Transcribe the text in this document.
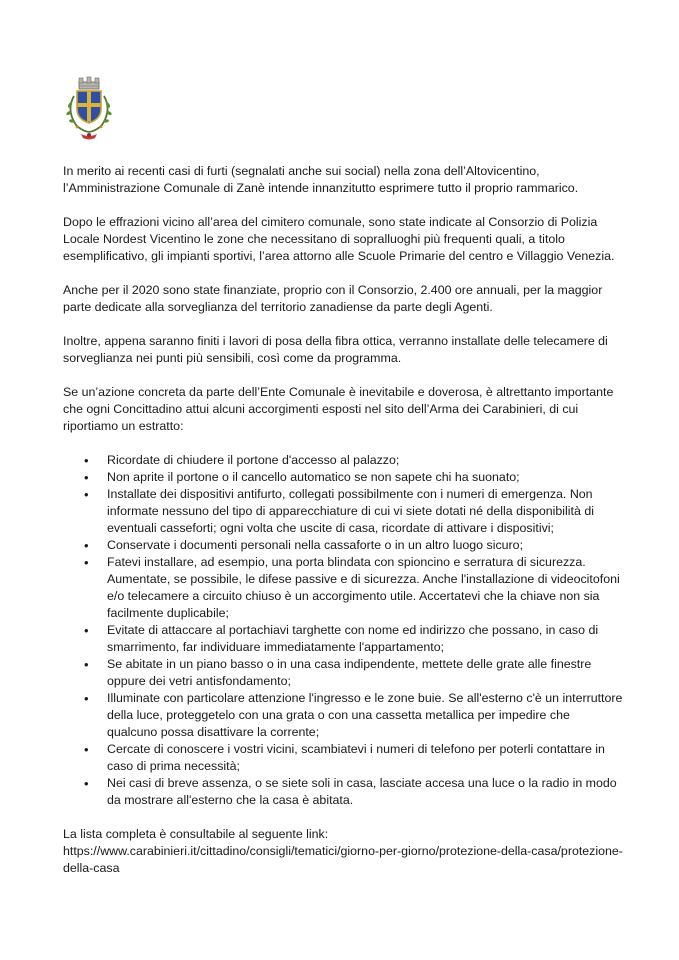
In merito ai recenti casi di furti (segnalati anche sui social) nella zona dell’Altovicentino, l’Amministrazione Comunale di Zanè intende innanzitutto esprimere tutto il proprio rammarico.

Dopo le effrazioni vicino all’area del cimitero comunale, sono state indicate al Consorzio di Polizia Locale Nordest Vicentino le zone che necessitano di sopralluoghi più frequenti quali, a titolo esemplificativo, gli impianti sportivi, l’area attorno alle Scuole Primarie del centro e Villaggio Venezia.

Anche per il 2020 sono state finanziate, proprio con il Consorzio, 2.400 ore annuali, per la maggior parte dedicate alla sorveglianza del territorio zanadiense da parte degli Agenti.

Inoltre, appena saranno finiti i lavori di posa della fibra ottica, verranno installate delle telecamere di sorveglianza nei punti più sensibili, così come da programma.

Se un’azione concreta da parte dell’Ente Comunale è inevitabile e doverosa, è altrettanto importante che ogni Concittadino attui alcuni accorgimenti esposti nel sito dell’Arma dei Carabinieri, di cui riportiamo un estratto:

• Ricordate di chiudere il portone d'accesso al palazzo;
• Non aprite il portone o il cancello automatico se non sapete chi ha suonato;
• Installate dei dispositivi antifurto, collegati possibilmente con i numeri di emergenza. Non informate nessuno del tipo di apparecchiature di cui vi siete dotati né della disponibilità di eventuali casseforti; ogni volta che uscite di casa, ricordate di attivare i dispositivi;
• Conservate i documenti personali nella cassaforte o in un altro luogo sicuro;
• Fatevi installare, ad esempio, una porta blindata con spioncino e serratura di sicurezza. Aumentate, se possibile, le difese passive e di sicurezza. Anche l'installazione di videocitofoni e/o telecamere a circuito chiuso è un accorgimento utile. Accertatevi che la chiave non sia facilmente duplicabile;
• Evitate di attaccare al portachiavi targhette con nome ed indirizzo che possano, in caso di smarrimento, far individuare immediatamente l'appartamento;
• Se abitate in un piano basso o in una casa indipendente, mettete delle grate alle finestre oppure dei vetri antisfondamento;
• Illuminate con particolare attenzione l'ingresso e le zone buie. Se all'esterno c'è un interruttore della luce, proteggetelo con una grata o con una cassetta metallica per impedire che qualcuno possa disattivare la corrente;
• Cercate di conoscere i vostri vicini, scambiatevi i numeri di telefono per poterli contattare in caso di prima necessità;
• Nei casi di breve assenza, o se siete soli in casa, lasciate accesa una luce o la radio in modo da mostrare all'esterno che la casa è abitata.

La lista completa è consultabile al seguente link:

https://www.carabinieri.it/cittadino/consigli/tematici/giorno-per-giorno/protezione-della-casa/protezione-della-casa
